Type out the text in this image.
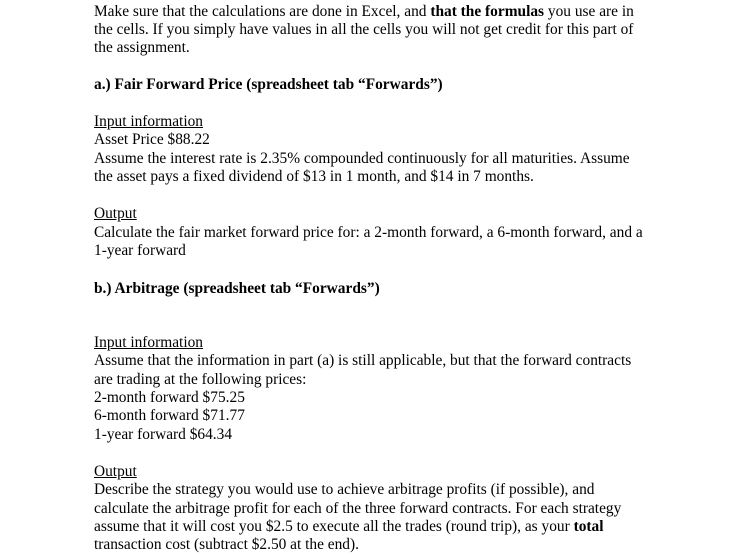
Make sure that the calculations are done in Excel, and that the formulas you use are in
the cells. If you simply have values in all the cells you will not get credit for this part of
the assignment.
a.) Fair Forward Price (spreadsheet tab “Forwards”)
Input information
Asset Price $88.22
Assume the interest rate is 2.35% compounded continuously for all maturities. Assume
the asset pays a fixed dividend of $13 in 1 month, and $14 in 7 months.
Output
Calculate the fair market forward price for: a 2-month forward, a 6-month forward, and a
1-year forward
b.) Arbitrage (spreadsheet tab “Forwards”)
Input information
Assume that the information in part (a) is still applicable, but that the forward contracts
are trading at the following prices:
2-month forward $75.25
6-month forward $71.77
1-year forward $64.34
Output
Describe the strategy you would use to achieve arbitrage profits (if possible), and
calculate the arbitrage profit for each of the three forward contracts. For each strategy
assume that it will cost you $2.5 to execute all the trades (round trip), as your total
transaction cost (subtract $2.50 at the end).
